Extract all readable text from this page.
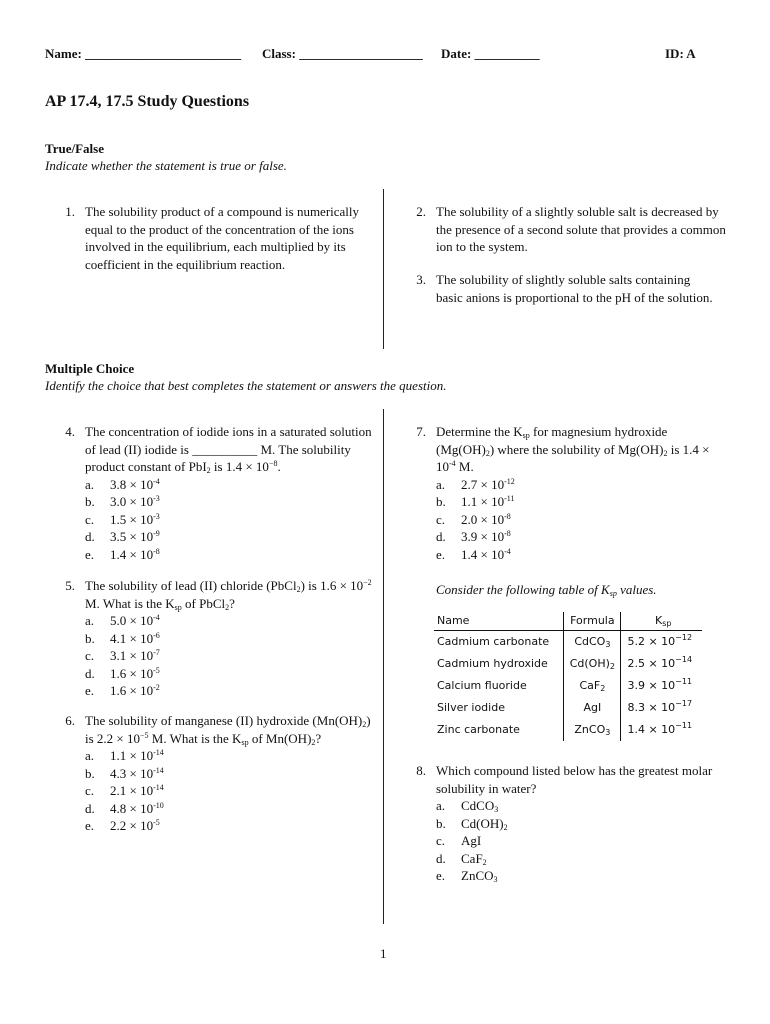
Name: ________________________ Class: ___________________ Date: __________	ID: A
AP 17.4, 17.5 Study Questions
True/False
Indicate whether the statement is true or false.
1. The solubility product of a compound is numerically equal to the product of the concentration of the ions involved in the equilibrium, each multiplied by its coefficient in the equilibrium reaction.
2. The solubility of a slightly soluble salt is decreased by the presence of a second solute that provides a common ion to the system.
3. The solubility of slightly soluble salts containing basic anions is proportional to the pH of the solution.
Multiple Choice
Identify the choice that best completes the statement or answers the question.
4. The concentration of iodide ions in a saturated solution of lead (II) iodide is __________ M. The solubility product constant of PbI$_2$ is $1.4 \times 10^{-8}$.
a. $3.8 \times 10^{-4}$
b. $3.0 \times 10^{-3}$
c. $1.5 \times 10^{-3}$
d. $3.5 \times 10^{-9}$
e. $1.4 \times 10^{-8}$
5. The solubility of lead (II) chloride (PbCl$_2$) is $1.6 \times 10^{-2}$ M. What is the $K_{sp}$ of PbCl$_2$?
a. $5.0 \times 10^{-4}$
b. $4.1 \times 10^{-6}$
c. $3.1 \times 10^{-7}$
d. $1.6 \times 10^{-5}$
e. $1.6 \times 10^{-2}$
6. The solubility of manganese (II) hydroxide $(Mn(OH)_2)$ is $2.2 \times 10^{-5}$ M. What is the $K_{sp}$ of $Mn(OH)_2$?
a. $1.1 \times 10^{-14}$
b. $4.3 \times 10^{-14}$
c. $2.1 \times 10^{-14}$
d. $4.8 \times 10^{-10}$
e. $2.2 \times 10^{-5}$
7. Determine the $K_{sp}$ for magnesium hydroxide $(Mg(OH)_2)$ where the solubility of $Mg(OH)_2$ is $1.4 \times 10^{-4}$ M.
a. $2.7 \times 10^{-12}$
b. $1.1 \times 10^{-11}$
c. $2.0 \times 10^{-8}$
d. $3.9 \times 10^{-8}$
e. $1.4 \times 10^{-4}$
Consider the following table of $K_{sp}$ values.
Name	Formula	$K_{sp}$
Cadmium carbonate	CdCO$_3$	$5.2 \times 10^{-12}$
Cadmium hydroxide	$Cd(OH)_2$	$2.5 \times 10^{-14}$
Calcium fluoride	CaF$_2$	$3.9 \times 10^{-11}$
Silver iodide	AgI	$8.3 \times 10^{-17}$
Zinc carbonate	ZnCO$_3$	$1.4 \times 10^{-11}$
8. Which compound listed below has the greatest molar solubility in water?
a. CdCO$_3$
b. $Cd(OH)_2$
c. AgI
d. CaF$_2$
e. ZnCO$_3$
1
